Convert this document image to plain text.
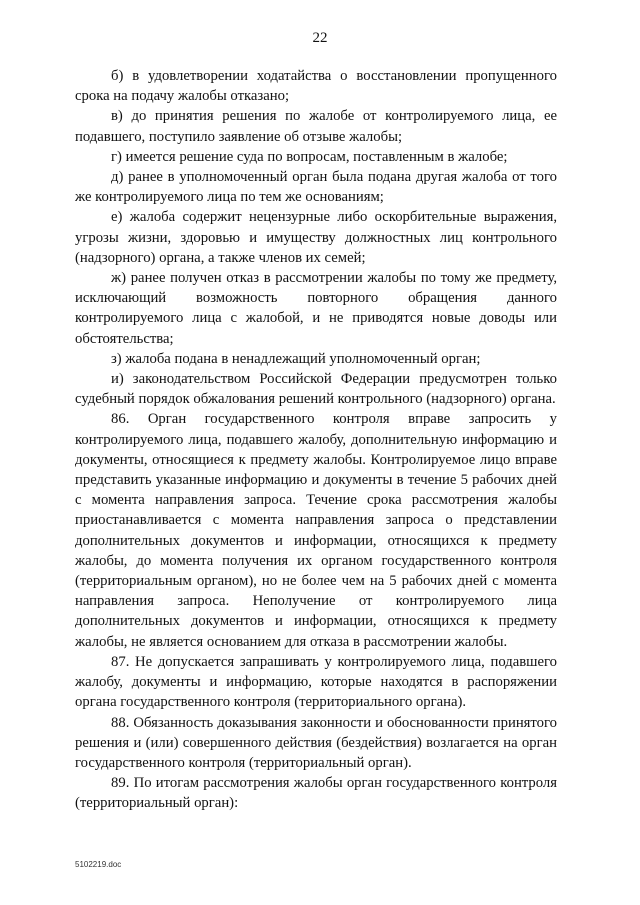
22

б) в удовлетворении ходатайства о восстановлении пропущенного срока на подачу жалобы отказано;

в) до принятия решения по жалобе от контролируемого лица, ее подавшего, поступило заявление об отзыве жалобы;

г) имеется решение суда по вопросам, поставленным в жалобе;

д) ранее в уполномоченный орган была подана другая жалоба от того же контролируемого лица по тем же основаниям;

е) жалоба содержит нецензурные либо оскорбительные выражения, угрозы жизни, здоровью и имуществу должностных лиц контрольного (надзорного) органа, а также членов их семей;

ж) ранее получен отказ в рассмотрении жалобы по тому же предмету, исключающий возможность повторного обращения данного контролируемого лица с жалобой, и не приводятся новые доводы или обстоятельства;

з) жалоба подана в ненадлежащий уполномоченный орган;

и) законодательством Российской Федерации предусмотрен только судебный порядок обжалования решений контрольного (надзорного) органа.

86. Орган государственного контроля вправе запросить у контролируемого лица, подавшего жалобу, дополнительную информацию и документы, относящиеся к предмету жалобы. Контролируемое лицо вправе представить указанные информацию и документы в течение 5 рабочих дней с момента направления запроса. Течение срока рассмотрения жалобы приостанавливается с момента направления запроса о представлении дополнительных документов и информации, относящихся к предмету жалобы, до момента получения их органом государственного контроля (территориальным органом), но не более чем на 5 рабочих дней с момента направления запроса. Неполучение от контролируемого лица дополнительных документов и информации, относящихся к предмету жалобы, не является основанием для отказа в рассмотрении жалобы.

87. Не допускается запрашивать у контролируемого лица, подавшего жалобу, документы и информацию, которые находятся в распоряжении органа государственного контроля (территориального органа).

88. Обязанность доказывания законности и обоснованности принятого решения и (или) совершенного действия (бездействия) возлагается на орган государственного контроля (территориальный орган).

89. По итогам рассмотрения жалобы орган государственного контроля (территориальный орган):

5102219.doc
